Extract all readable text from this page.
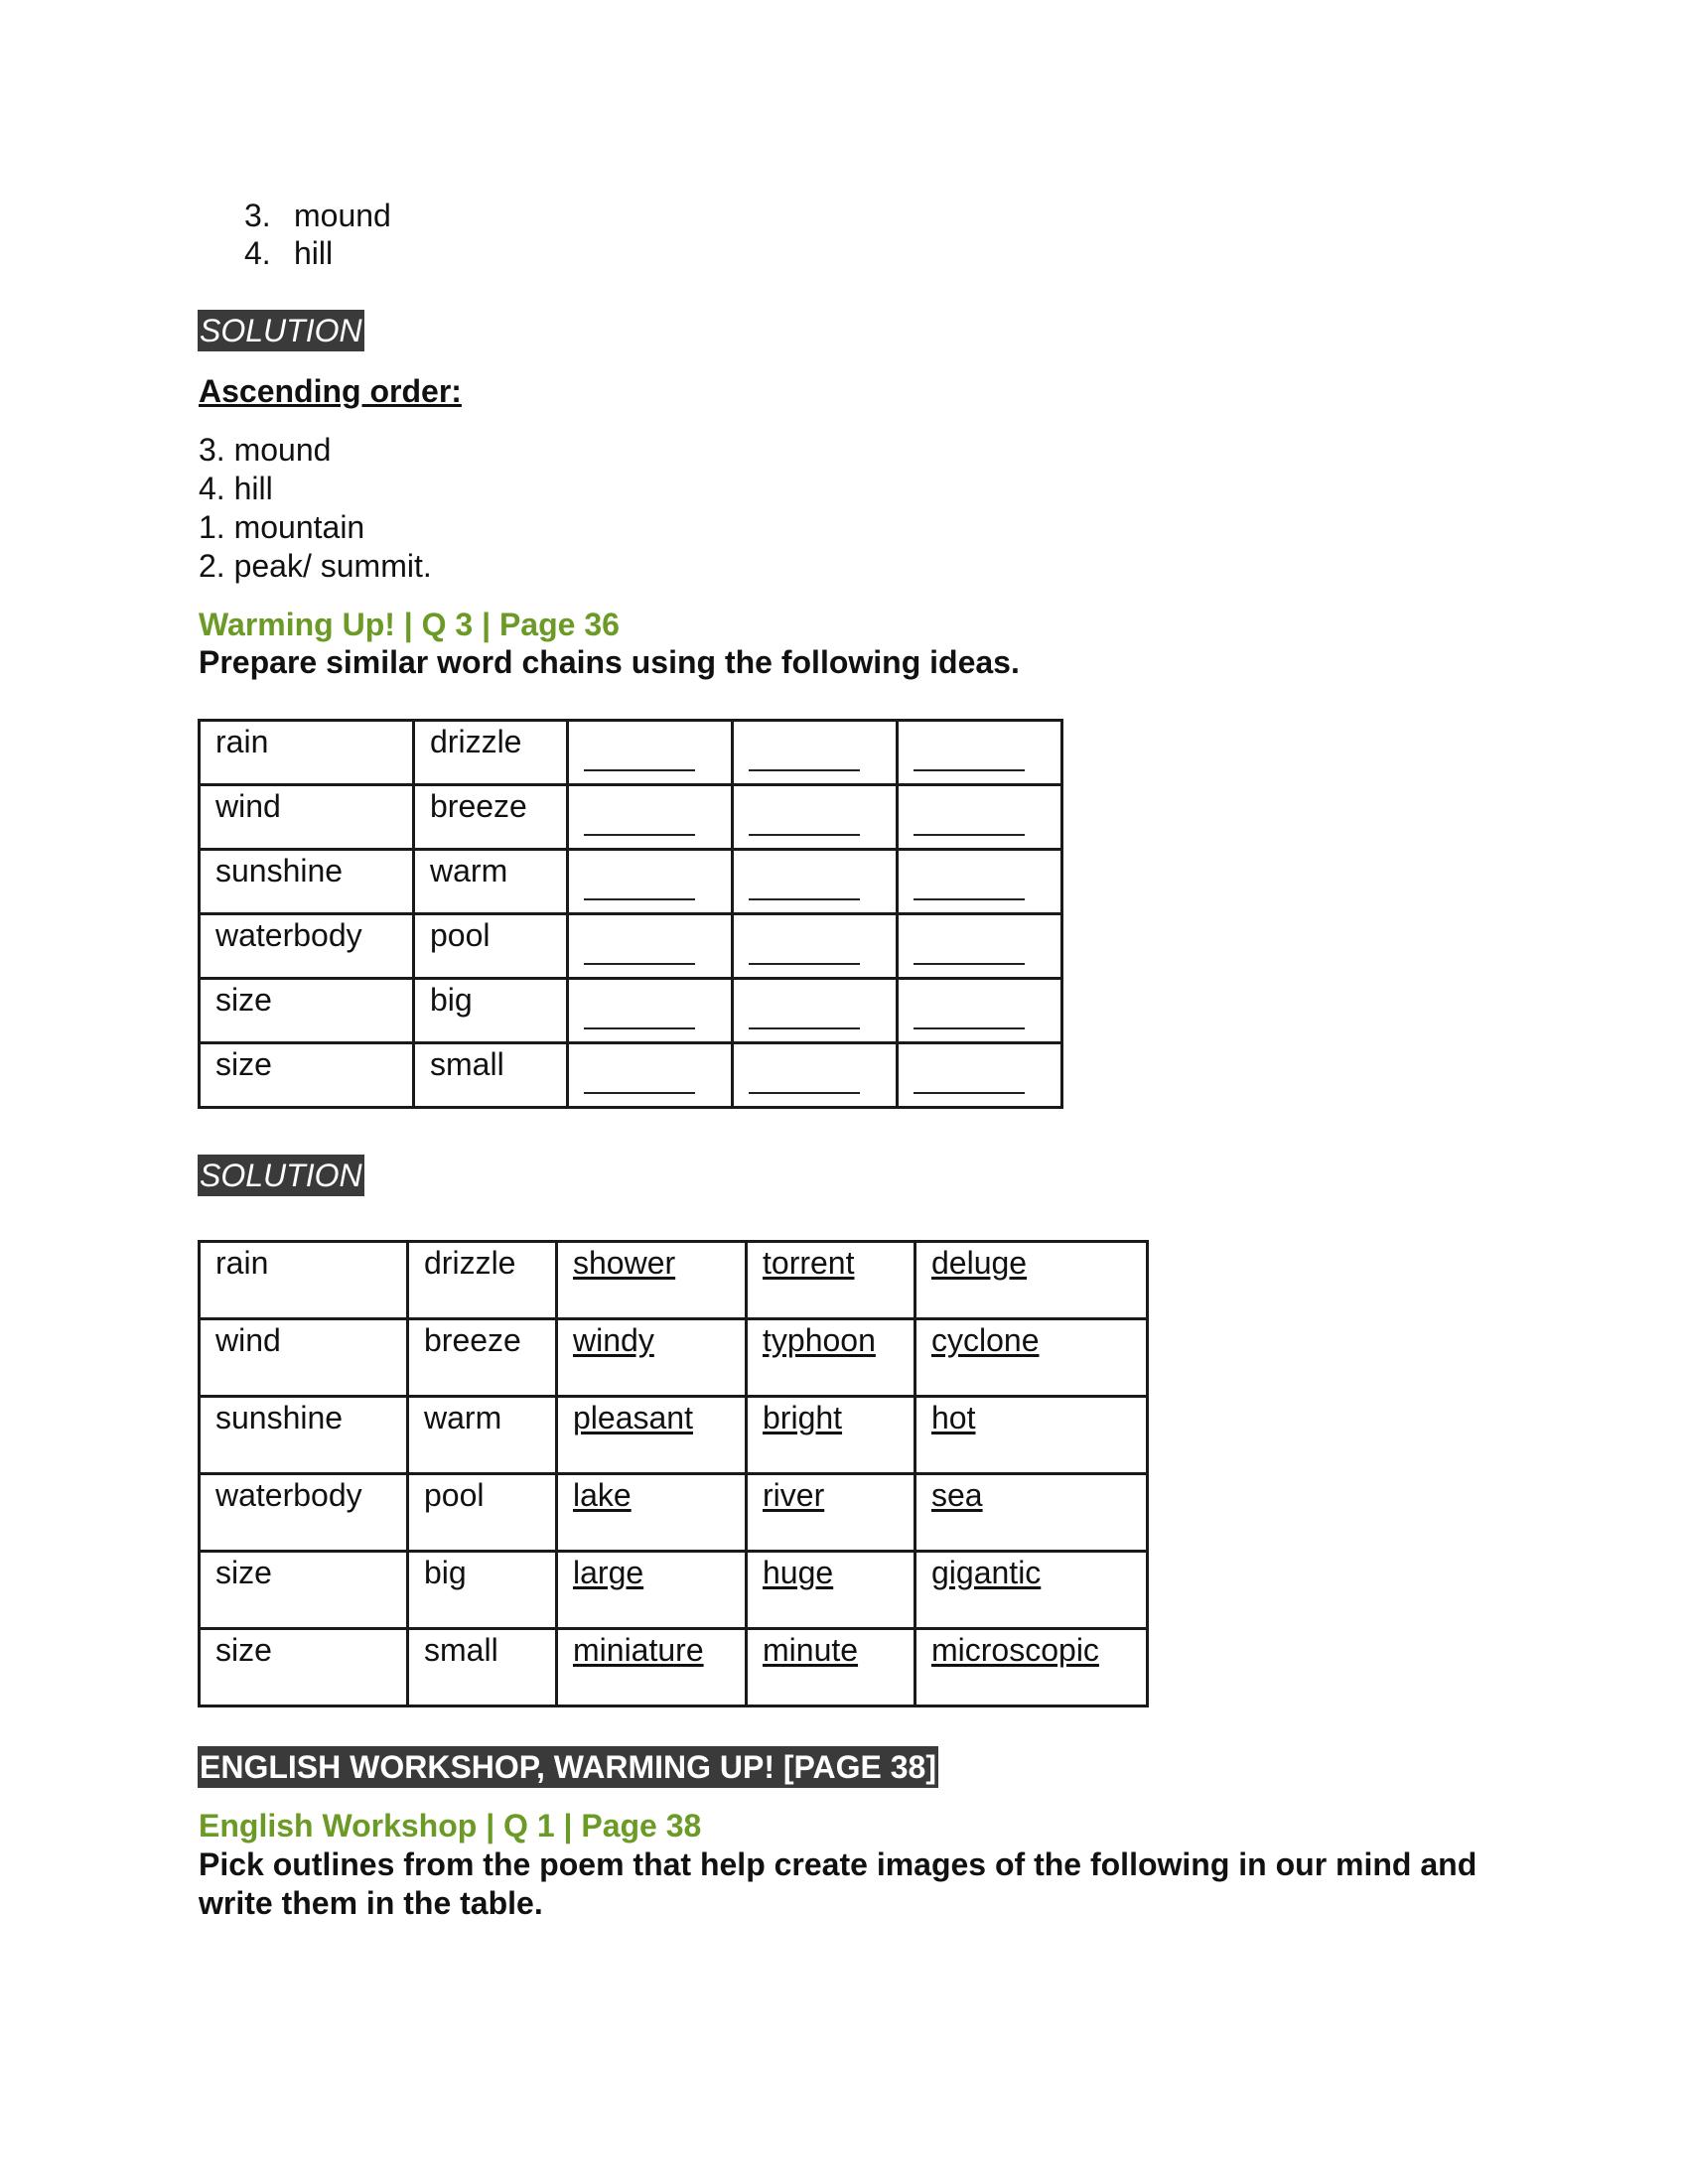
3. mound
4. hill
SOLUTION
Ascending order:
3. mound
4. hill
1. mountain
2. peak/ summit.
Warming Up! | Q 3 | Page 36
Prepare similar word chains using the following ideas.
rain	drizzle			

wind	breeze			

sunshine	warm			

waterbody	pool			

size	big			

size	small			

SOLUTION
rain	drizzle	shower	torrent	deluge

wind	breeze	windy	typhoon	cyclone

sunshine	warm	pleasant	bright	hot

waterbody	pool	lake	river	sea

size	big	large	huge	gigantic

size	small	miniature	minute	microscopic
ENGLISH WORKSHOP, WARMING UP! [PAGE 38]
English Workshop | Q 1 | Page 38
Pick outlines from the poem that help create images of the following in our mind and write them in the table.
